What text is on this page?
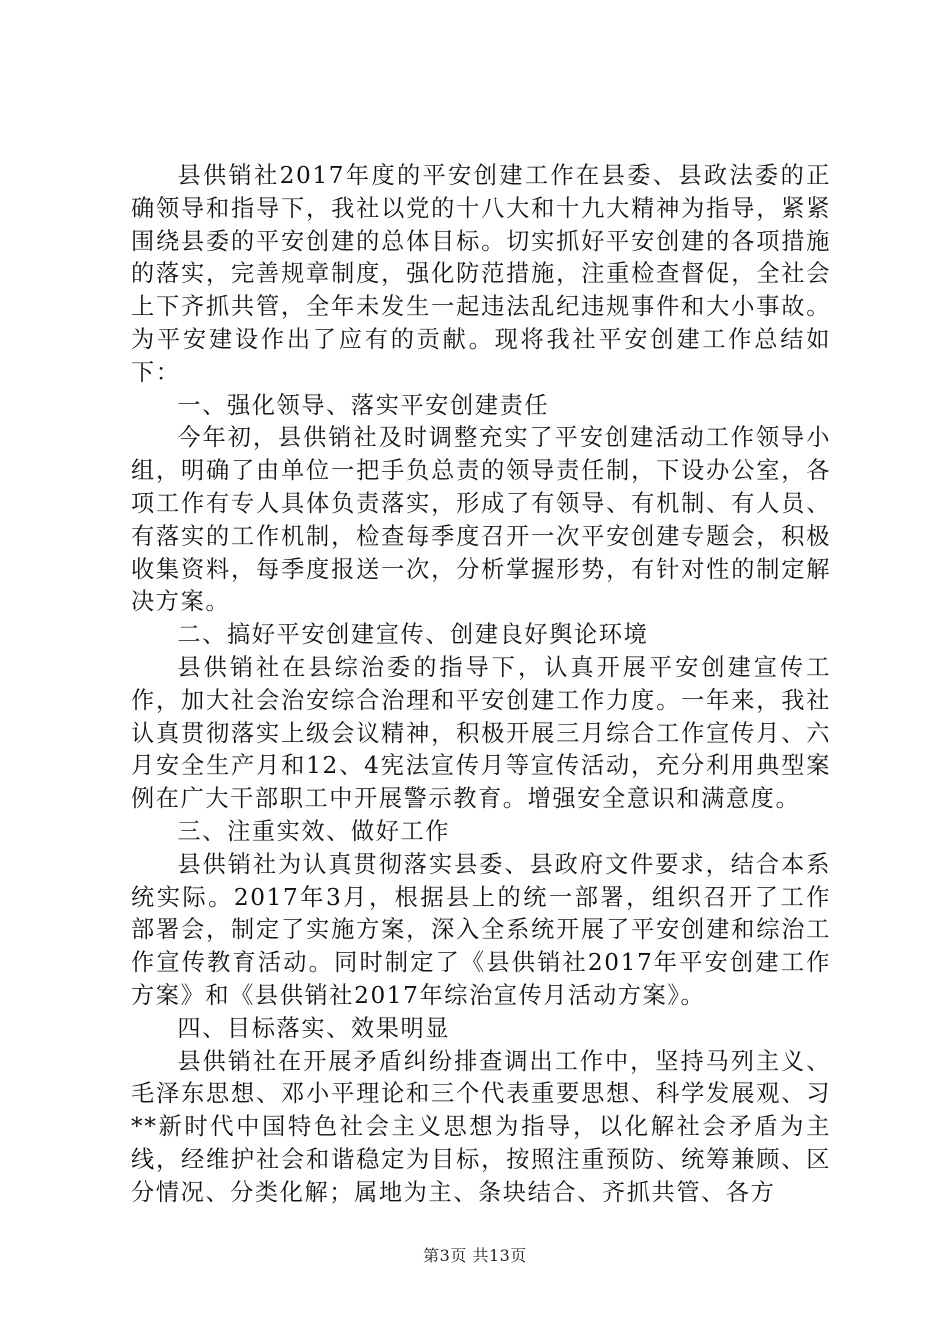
县供销社2017年度的平安创建工作在县委、县政法委的正确领导和指导下，我社以党的十八大和十九大精神为指导，紧紧围绕县委的平安创建的总体目标。切实抓好平安创建的各项措施的落实，完善规章制度，强化防范措施，注重检查督促，全社会上下齐抓共管，全年未发生一起违法乱纪违规事件和大小事故。为平安建设作出了应有的贡献。现将我社平安创建工作总结如下：

一、强化领导、落实平安创建责任

今年初，县供销社及时调整充实了平安创建活动工作领导小组，明确了由单位一把手负总责的领导责任制，下设办公室，各项工作有专人具体负责落实，形成了有领导、有机制、有人员、有落实的工作机制，检查每季度召开一次平安创建专题会，积极收集资料，每季度报送一次，分析掌握形势，有针对性的制定解决方案。

二、搞好平安创建宣传、创建良好舆论环境

县供销社在县综治委的指导下，认真开展平安创建宣传工作，加大社会治安综合治理和平安创建工作力度。一年来，我社认真贯彻落实上级会议精神，积极开展三月综合工作宣传月、六月安全生产月和12、4宪法宣传月等宣传活动，充分利用典型案例在广大干部职工中开展警示教育。增强安全意识和满意度。

三、注重实效、做好工作

县供销社为认真贯彻落实县委、县政府文件要求，结合本系统实际。2017年3月，根据县上的统一部署，组织召开了工作部署会，制定了实施方案，深入全系统开展了平安创建和综治工作宣传教育活动。同时制定了《县供销社2017年平安创建工作方案》和《县供销社2017年综治宣传月活动方案》。

四、目标落实、效果明显

县供销社在开展矛盾纠纷排查调出工作中，坚持马列主义、毛泽东思想、邓小平理论和三个代表重要思想、科学发展观、习**新时代中国特色社会主义思想为指导，以化解社会矛盾为主线，经维护社会和谐稳定为目标，按照注重预防、统筹兼顾、区分情况、分类化解；属地为主、条块结合、齐抓共管、各方

第3页 共13页
